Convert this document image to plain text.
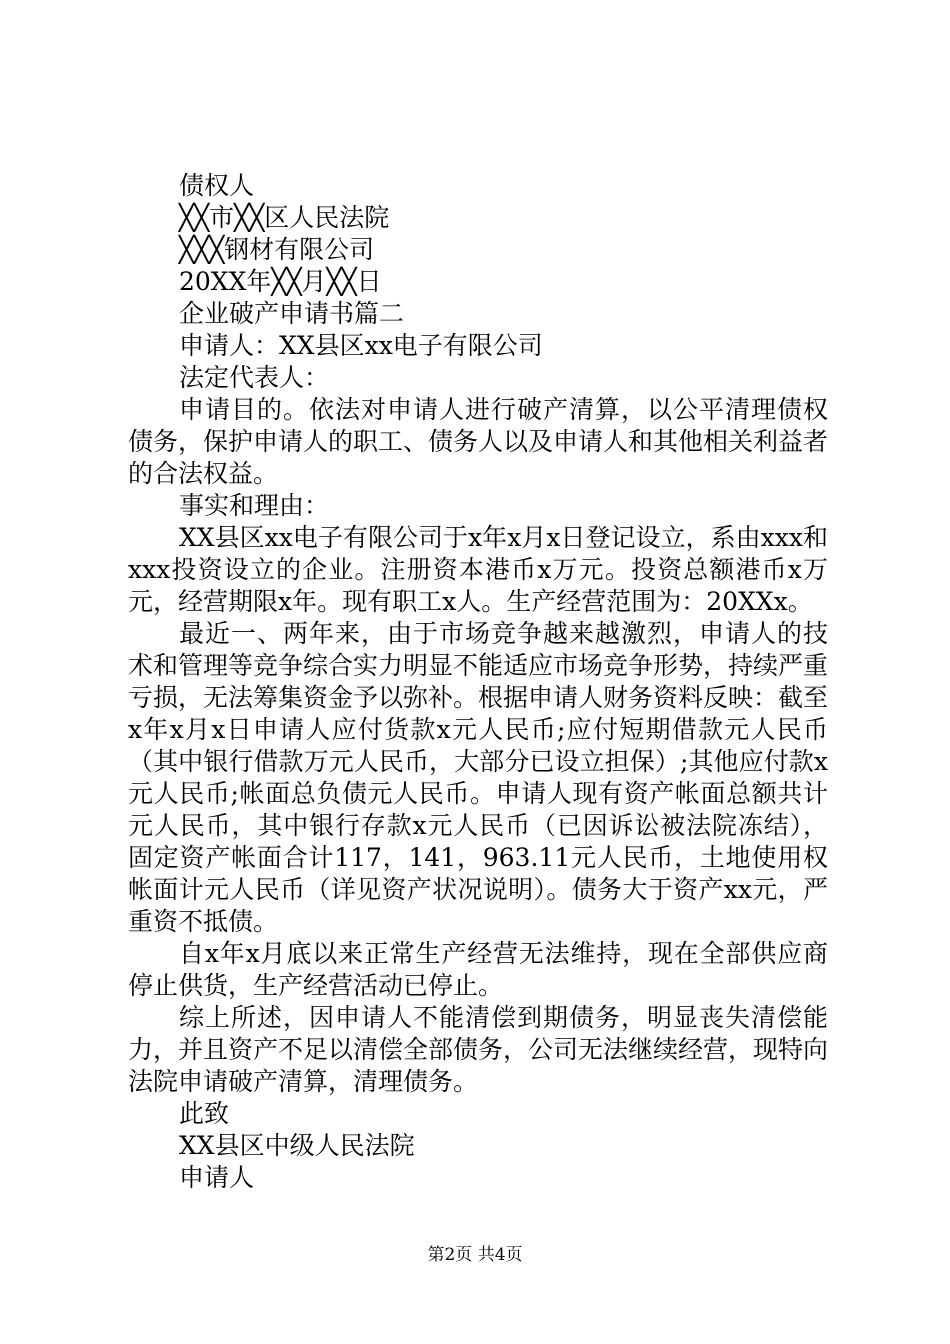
债权人
╳╳市╳╳区人民法院
╳╳╳钢材有限公司
20XX年╳╳月╳╳日
企业破产申请书篇二
申请人：XX县区xx电子有限公司
法定代表人：

申请目的。依法对申请人进行破产清算，以公平清理债权债务，保护申请人的职工、债务人以及申请人和其他相关利益者的合法权益。

事实和理由：

XX县区xx电子有限公司于x年x月x日登记设立，系由xxx和xxx投资设立的企业。注册资本港币x万元。投资总额港币x万元，经营期限x年。现有职工x人。生产经营范围为：20XXx。

最近一、两年来，由于市场竞争越来越激烈，申请人的技术和管理等竞争综合实力明显不能适应市场竞争形势，持续严重亏损，无法筹集资金予以弥补。根据申请人财务资料反映：截至x年x月x日申请人应付货款x元人民币;应付短期借款元人民币（其中银行借款万元人民币，大部分已设立担保）;其他应付款x元人民币;帐面总负债元人民币。申请人现有资产帐面总额共计元人民币，其中银行存款x元人民币（已因诉讼被法院冻结），固定资产帐面合计117，141，963.11元人民币，土地使用权帐面计元人民币（详见资产状况说明）。债务大于资产xx元，严重资不抵债。

自x年x月底以来正常生产经营无法维持，现在全部供应商停止供货，生产经营活动已停止。

综上所述，因申请人不能清偿到期债务，明显丧失清偿能力，并且资产不足以清偿全部债务，公司无法继续经营，现特向法院申请破产清算，清理债务。

此致
XX县区中级人民法院
申请人
第2页 共4页
